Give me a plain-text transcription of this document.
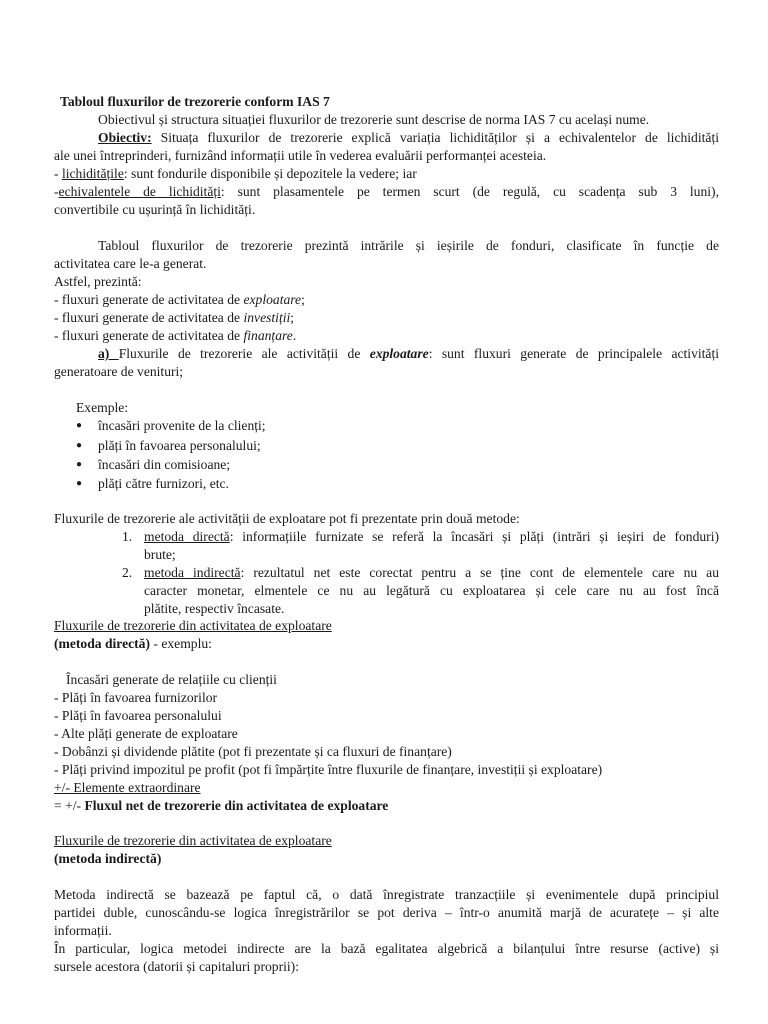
Tabloul fluxurilor de trezorerie conform IAS 7
Obiectivul și structura situației fluxurilor de trezorerie sunt descrise de norma IAS 7 cu același nume.
Obiectiv: Situața fluxurilor de trezorerie explică variația lichidităților și a echivalentelor de lichidități
ale unei întreprinderi, furnizând informații utile în vederea evaluării performanței acesteia.
- lichiditățile: sunt fondurile disponibile și depozitele la vedere; iar
-echivalentele de lichidități: sunt plasamentele pe termen scurt (de regulă, cu scadența sub 3 luni),
convertibile cu ușurință în lichidități.
Tabloul fluxurilor de trezorerie prezintă intrările și ieșirile de fonduri, clasificate în funcție de
activitatea care le-a generat.
Astfel, prezintă:
- fluxuri generate de activitatea de exploatare;
- fluxuri generate de activitatea de investiții;
- fluxuri generate de activitatea de finanțare.
a) Fluxurile de trezorerie ale activității de exploatare: sunt fluxuri generate de principalele activități
generatoare de venituri;
Exemple:
● încasări provenite de la clienți;
● plăți în favoarea personalului;
● încasări din comisioane;
● plăți către furnizori, etc.
Fluxurile de trezorerie ale activității de exploatare pot fi prezentate prin două metode:
1. metoda directă: informațiile furnizate se referă la încasări și plăți (intrări și ieșiri de fonduri)
brute;
2. metoda indirectă: rezultatul net este corectat pentru a se ține cont de elementele care nu au
caracter monetar, elmentele ce nu au legătură cu exploatarea și cele care nu au fost încă
plătite, respectiv încasate.
Fluxurile de trezorerie din activitatea de exploatare
(metoda directă) - exemplu:
Încasări generate de relațiile cu clienții
- Plăți în favoarea furnizorilor
- Plăți în favoarea personalului
- Alte plăți generate de exploatare
- Dobânzi și dividende plătite (pot fi prezentate și ca fluxuri de finanțare)
- Plăți privind impozitul pe profit (pot fi împărțite între fluxurile de finanțare, investiții și exploatare)
+/- Elemente extraordinare
= +/- Fluxul net de trezorerie din activitatea de exploatare
Fluxurile de trezorerie din activitatea de exploatare
(metoda indirectă)
Metoda indirectă se bazează pe faptul că, o dată înregistrate tranzacțiile și evenimentele după principiul
partidei duble, cunoscându-se logica înregistrărilor se pot deriva – într-o anumită marjă de acuratețe – și alte
informații.
În particular, logica metodei indirecte are la bază egalitatea algebrică a bilanțului între resurse (active) și
sursele acestora (datorii și capitaluri proprii):
